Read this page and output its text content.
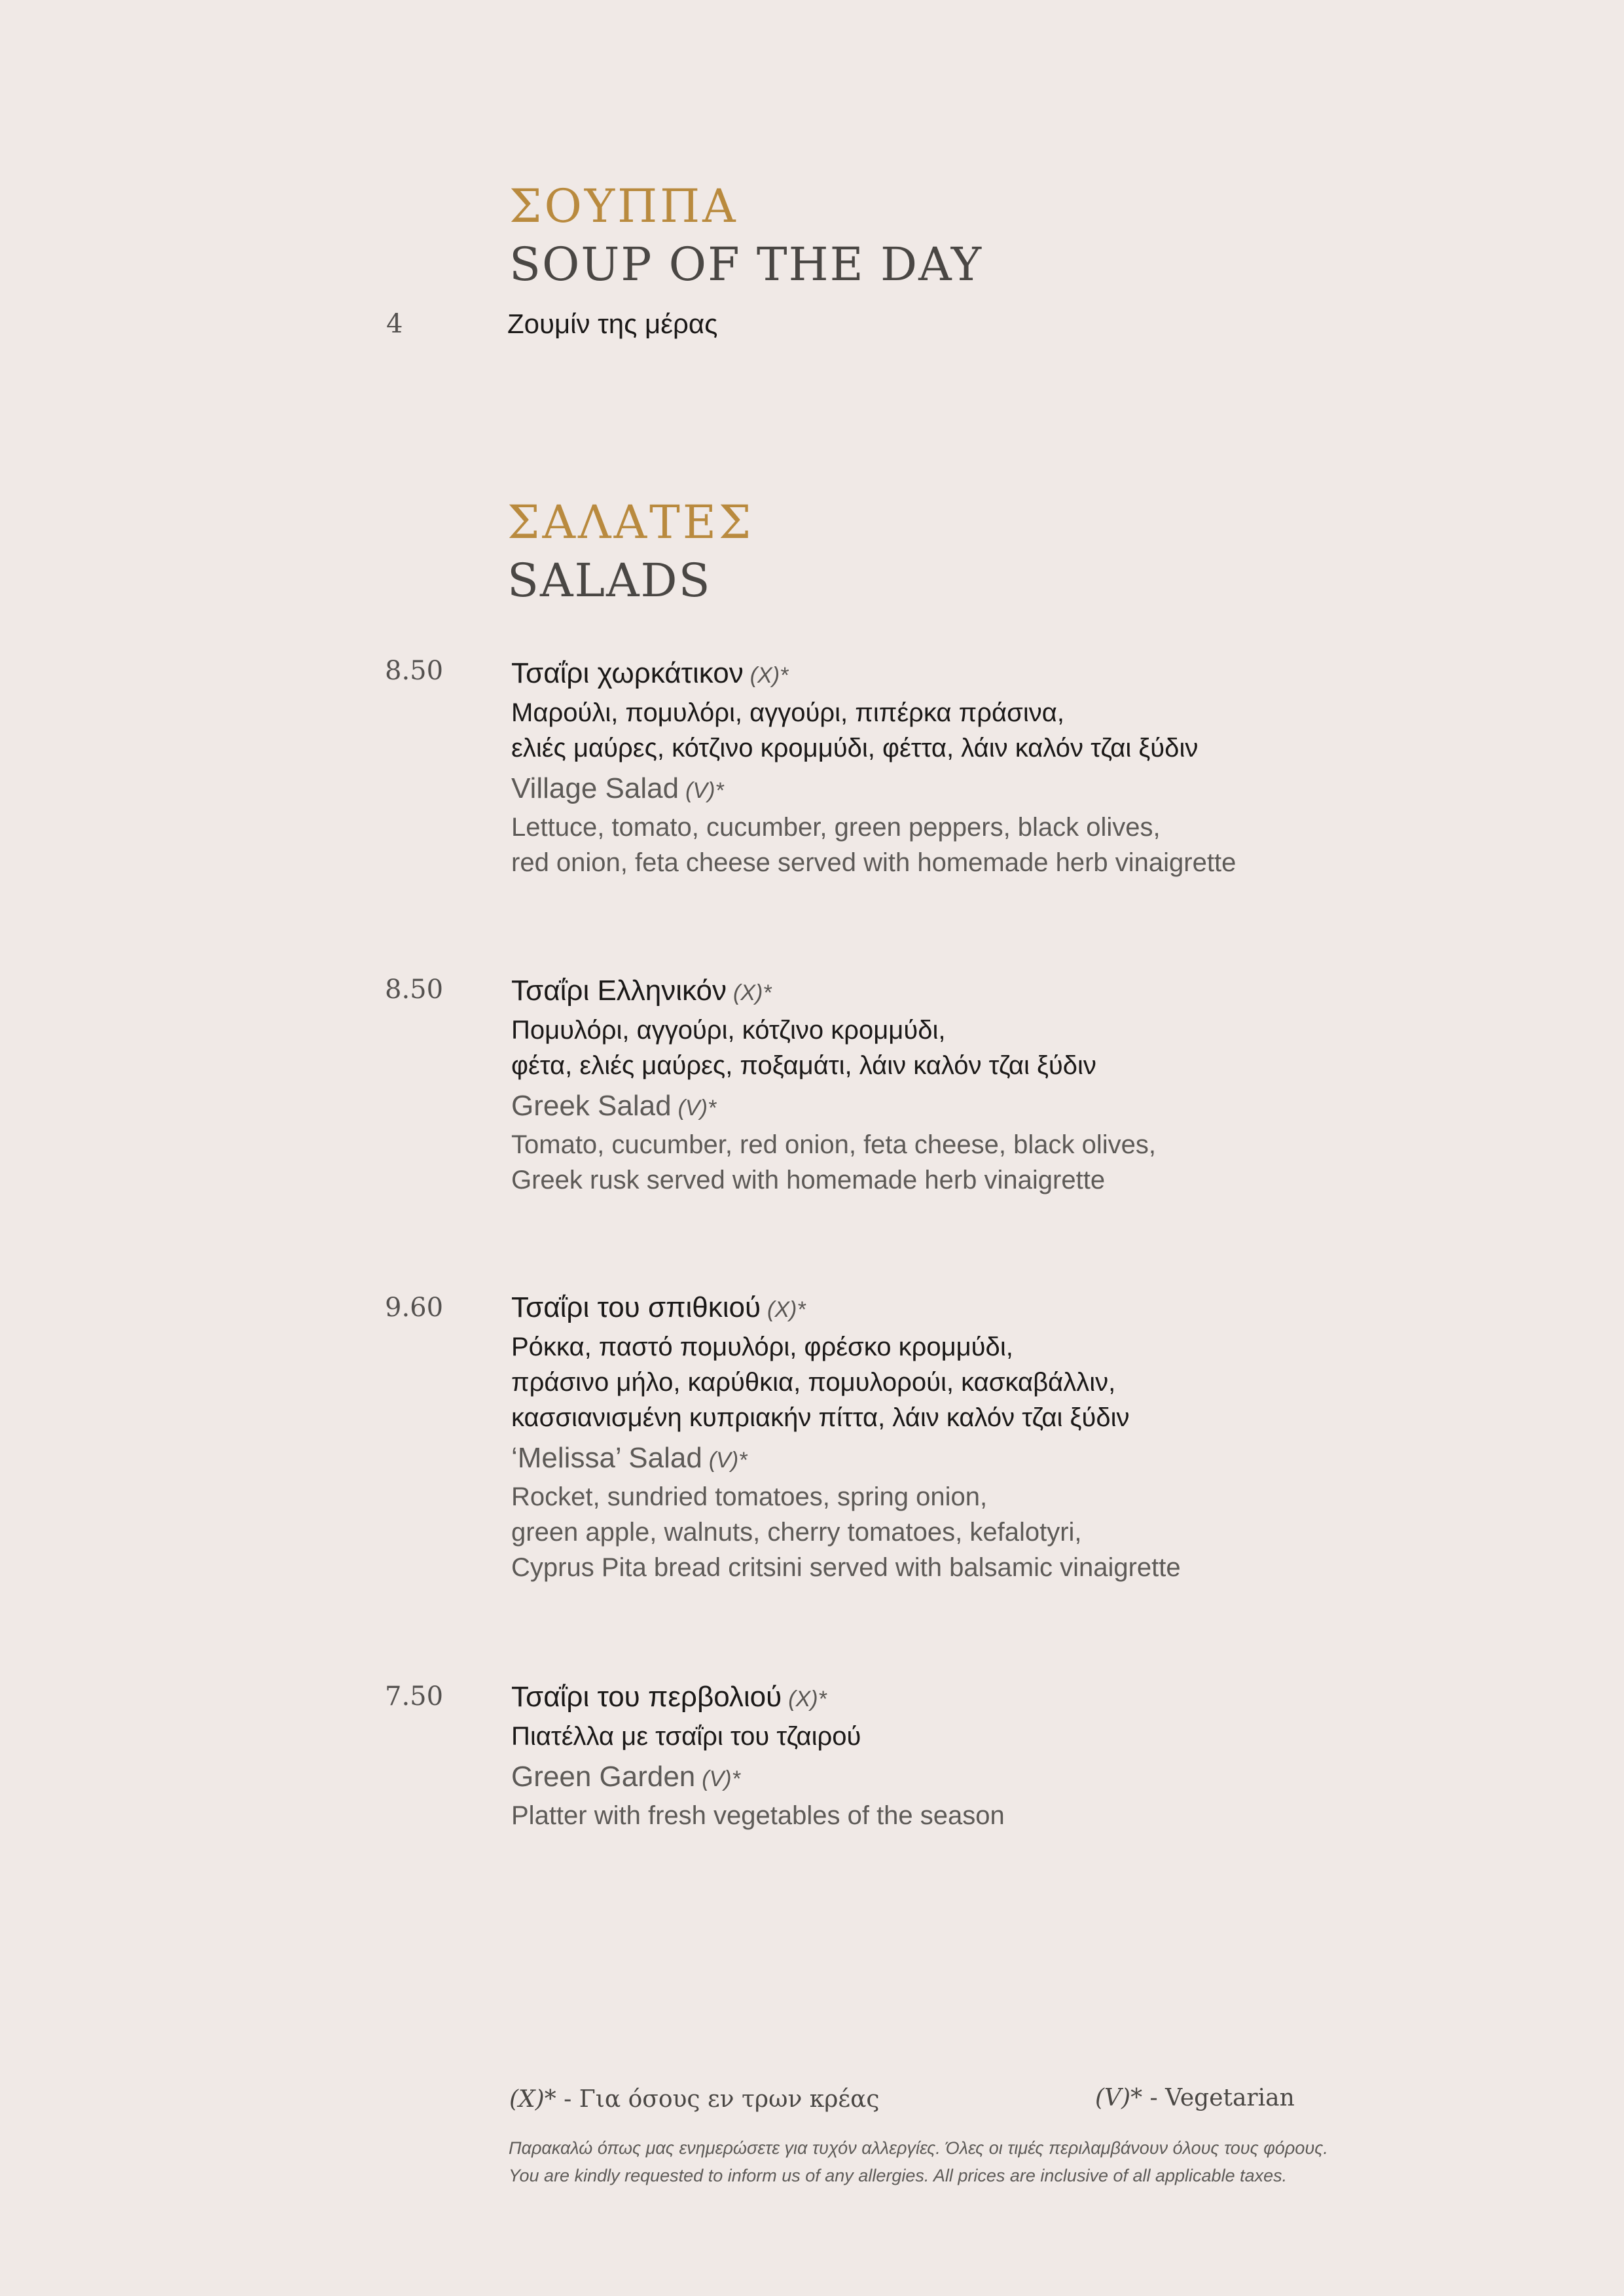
ΣΟΥΠΠΑ
SOUP OF THE DAY
4	Ζουμίν της μέρας
ΣΑΛΑΤΕΣ
SALADS
8.50 Τσαΐρι χωρκάτικον (X)*
Μαρούλι, πομυλόρι, αγγούρι, πιπέρκα πράσινα,
ελιές μαύρες, κότζινο κρομμύδι, φέττα, λάιν καλόν τζαι ξύδιν
Village Salad (V)*
Lettuce, tomato, cucumber, green peppers, black olives,
red onion, feta cheese served with homemade herb vinaigrette
8.50 Τσαΐρι Ελληνικόν (X)*
Πομυλόρι, αγγούρι, κότζινο κρομμύδι,
φέτα, ελιές μαύρες, ποξαμάτι, λάιν καλόν τζαι ξύδιν
Greek Salad (V)*
Tomato, cucumber, red onion, feta cheese, black olives,
Greek rusk served with homemade herb vinaigrette
9.60 Τσαΐρι του σπιθκιού (X)*
Ρόκκα, παστό πομυλόρι, φρέσκο κρομμύδι,
πράσινο μήλο, καρύθκια, πομυλορούι, κασκαβάλλιν,
κασσιανισμένη κυπριακήν πίττα, λάιν καλόν τζαι ξύδιν
‘Melissa’ Salad (V)*
Rocket, sundried tomatoes, spring onion,
green apple, walnuts, cherry tomatoes, kefalotyri,
Cyprus Pita bread critsini served with balsamic vinaigrette
7.50 Τσαΐρι του περβολιού (X)*
Πιατέλλα με τσαΐρι του τζαιρού
Green Garden (V)*
Platter with fresh vegetables of the season
(X)* - Για όσους εν τρων κρέας	(V)* - Vegetarian
Παρακαλώ όπως μας ενημερώσετε για τυχόν αλλεργίες. Όλες οι τιμές περιλαμβάνουν όλους τους φόρους.
You are kindly requested to inform us of any allergies. All prices are inclusive of all applicable taxes.
